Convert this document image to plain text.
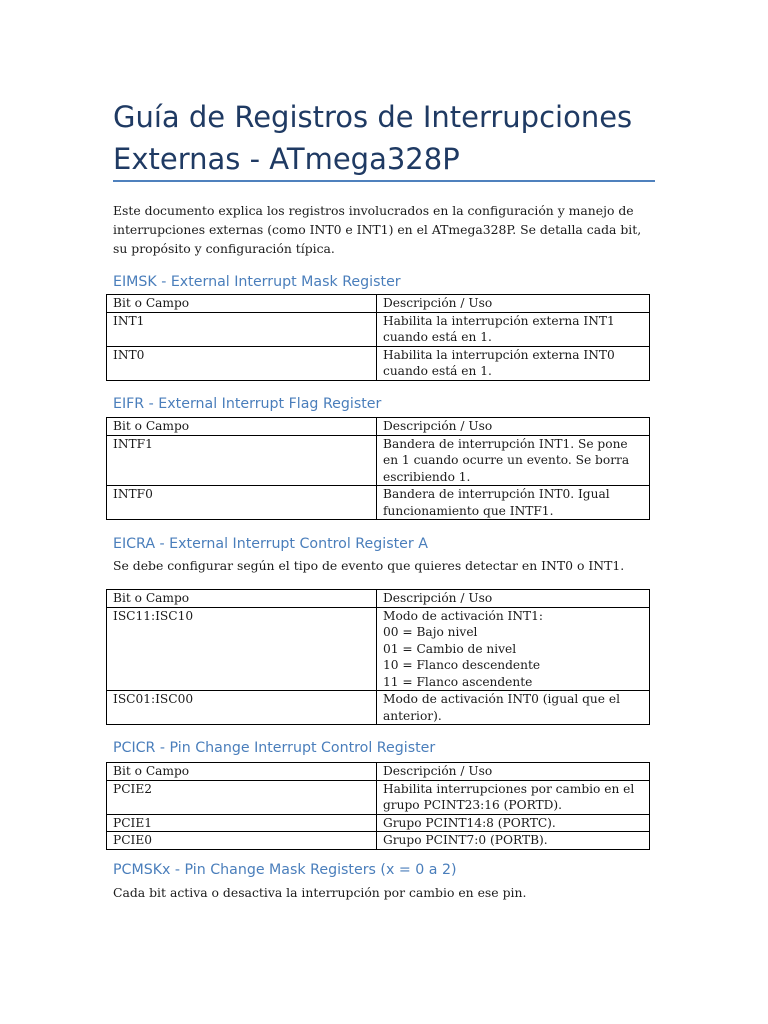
Guía de Registros de Interrupciones
Externas - ATmega328P

Este documento explica los registros involucrados en la configuración y manejo de interrupciones externas (como INT0 e INT1) en el ATmega328P. Se detalla cada bit, su propósito y configuración típica.

EIMSK - External Interrupt Mask Register
Bit o Campo	Descripción / Uso
INT1	Habilita la interrupción externa INT1 cuando está en 1.
INT0	Habilita la interrupción externa INT0 cuando está en 1.
EIFR - External Interrupt Flag Register
Bit o Campo	Descripción / Uso
INTF1	Bandera de interrupción INT1. Se pone en 1 cuando ocurre un evento. Se borra escribiendo 1.
INTF0	Bandera de interrupción INT0. Igual funcionamiento que INTF1.
EICRA - External Interrupt Control Register A

Se debe configurar según el tipo de evento que quieres detectar en INT0 o INT1.

Bit o Campo	Descripción / Uso
ISC11:ISC10	Modo de activación INT1:
00 = Bajo nivel
01 = Cambio de nivel
10 = Flanco descendente
11 = Flanco ascendente

ISC01:ISC00	Modo de activación INT0 (igual que el anterior).
PCICR - Pin Change Interrupt Control Register
Bit o Campo	Descripción / Uso
PCIE2	Habilita interrupciones por cambio en el grupo PCINT23:16 (PORTD).
PCIE1	Grupo PCINT14:8 (PORTC).
PCIE0	Grupo PCINT7:0 (PORTB).
PCMSKx - Pin Change Mask Registers (x = 0 a 2)

Cada bit activa o desactiva la interrupción por cambio en ese pin.
